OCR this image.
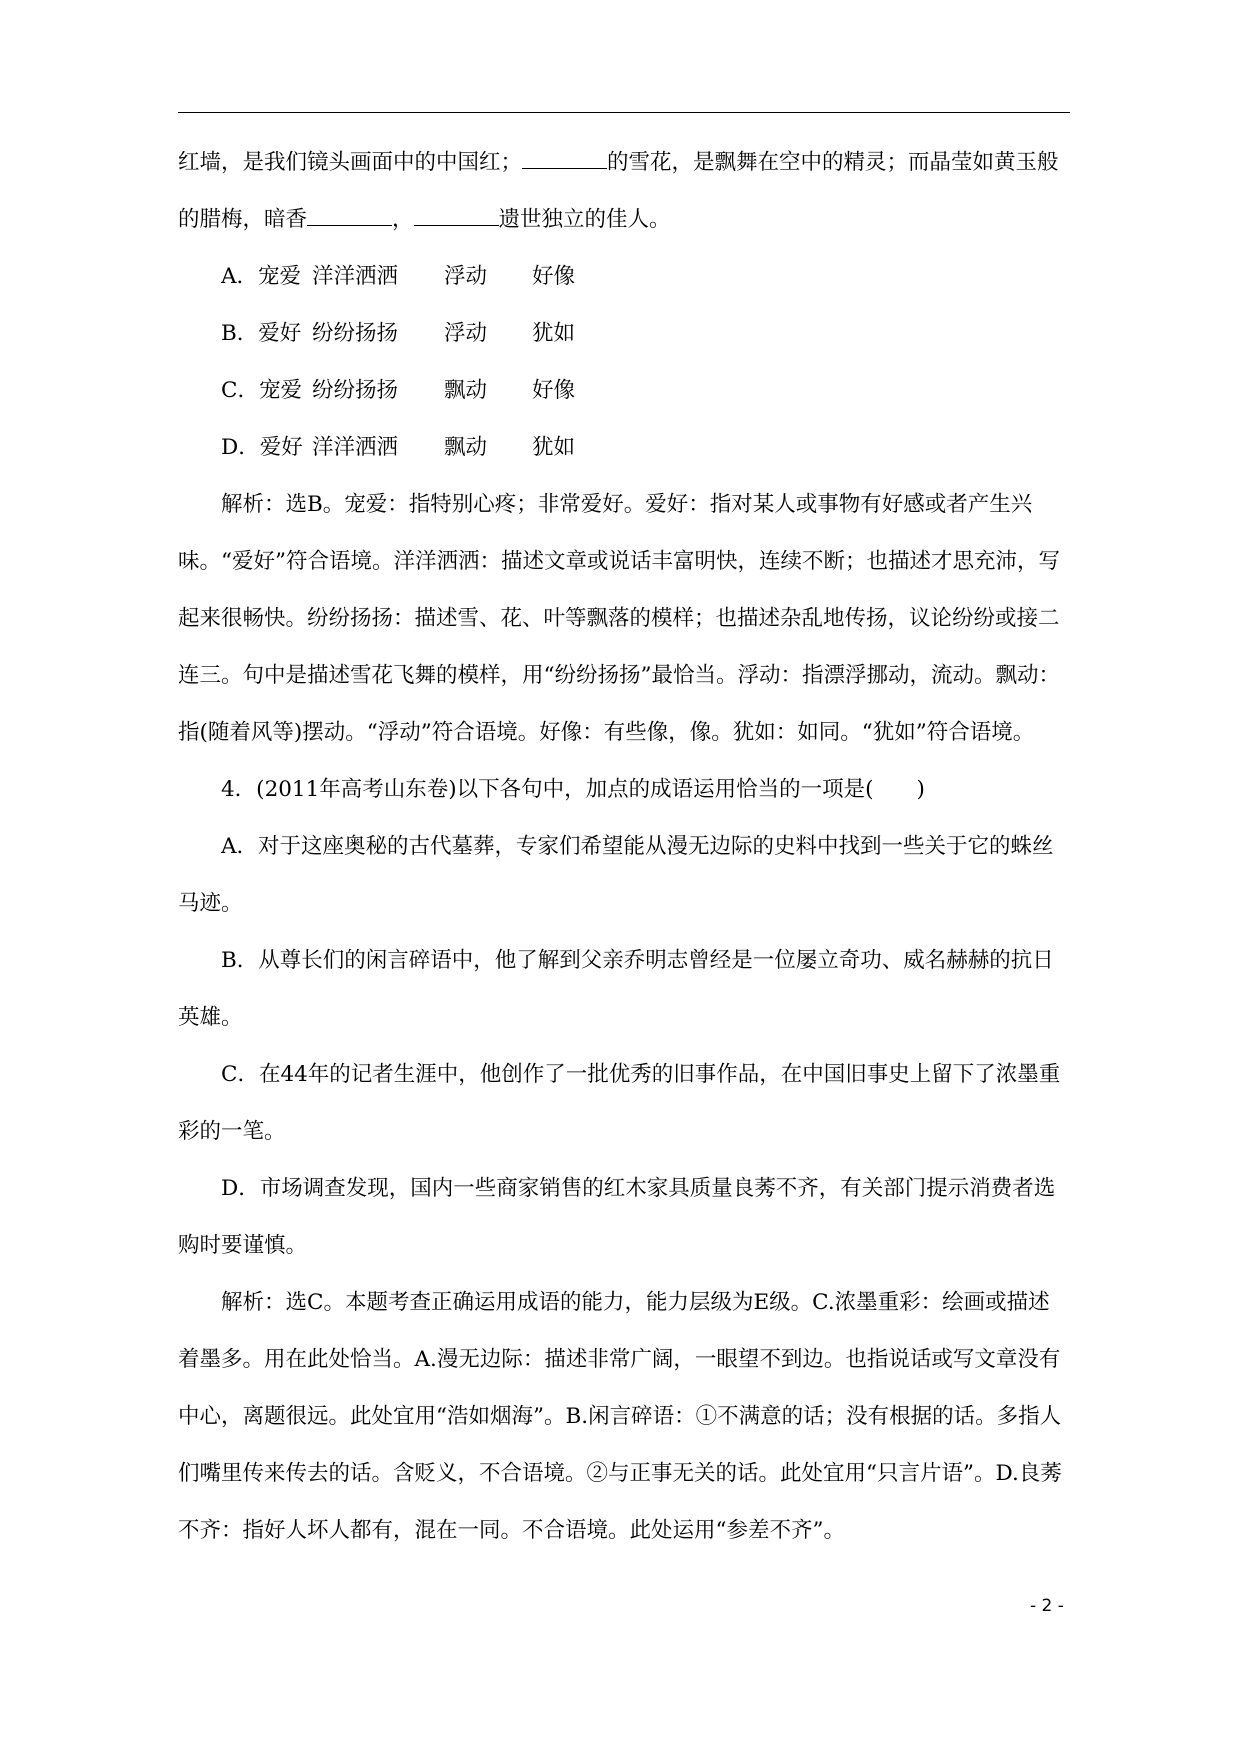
红墙，是我们镜头画面中的中国红；	的雪花，是飘舞在空中的精灵；而晶莹如黄玉般的腊梅，暗香	，	遗世独立的佳人。

A．宠爱 洋洋洒洒 浮动 好像

B．爱好 纷纷扬扬 浮动 犹如

C．宠爱 纷纷扬扬 飘动 好像

D．爱好 洋洋洒洒 飘动 犹如

解析：选B。宠爱：指特别心疼；非常爱好。爱好：指对某人或事物有好感或者产生兴味。“爱好”符合语境。洋洋洒洒：描述文章或说话丰富明快，连续不断；也描述才思充沛，写起来很畅快。纷纷扬扬：描述雪、花、叶等飘落的模样；也描述杂乱地传扬，议论纷纷或接二连三。句中是描述雪花飞舞的模样，用“纷纷扬扬”最恰当。浮动：指漂浮挪动，流动。飘动：指(随着风等)摆动。“浮动”符合语境。好像：有些像，像。犹如：如同。“犹如”符合语境。

4．(2011年高考山东卷)以下各句中，加点的成语运用恰当的一项是(　　)

A．对于这座奥秘的古代墓葬，专家们希望能从漫无边际的史料中找到一些关于它的蛛丝马迹。

B．从尊长们的闲言碎语中，他了解到父亲乔明志曾经是一位屡立奇功、威名赫赫的抗日英雄。

C．在44年的记者生涯中，他创作了一批优秀的旧事作品，在中国旧事史上留下了浓墨重彩的一笔。

D．市场调查发现，国内一些商家销售的红木家具质量良莠不齐，有关部门提示消费者选购时要谨慎。

解析：选C。本题考查正确运用成语的能力，能力层级为E级。C.浓墨重彩：绘画或描述着墨多。用在此处恰当。A.漫无边际：描述非常广阔，一眼望不到边。也指说话或写文章没有中心，离题很远。此处宜用“浩如烟海”。B.闲言碎语：①不满意的话；没有根据的话。多指人们嘴里传来传去的话。含贬义，不合语境。②与正事无关的话。此处宜用“只言片语”。D.良莠不齐：指好人坏人都有，混在一同。不合语境。此处运用“参差不齐”。

- 2 -
